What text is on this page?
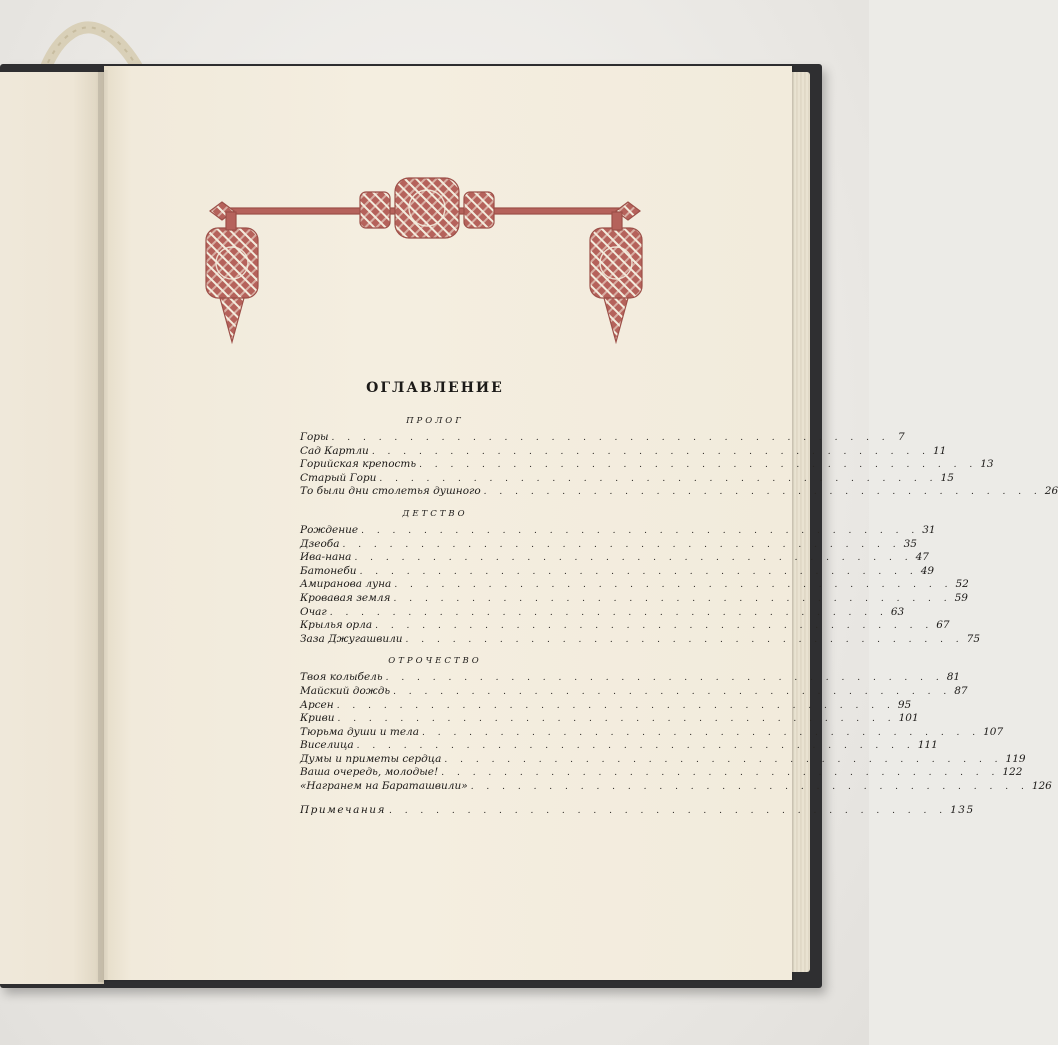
ОГЛАВЛЕНИЕ
ПРОЛОГ
Горы . . . . . . . . . . . . . . . . . . . . . . . . . . . . . . . . . . . . 7
Сад Картли . . . . . . . . . . . . . . . . . . . . . . . . . . . . . . . . . . . . 11
Горийская крепость . . . . . . . . . . . . . . . . . . . . . . . . . . . . . . . . . . . . 13
Старый Гори . . . . . . . . . . . . . . . . . . . . . . . . . . . . . . . . . . . . 15
То были дни столетья душного . . . . . . . . . . . . . . . . . . . . . . . . . . . . . . . . . . . . 26
ДЕТСТВО
Рождение . . . . . . . . . . . . . . . . . . . . . . . . . . . . . . . . . . . . 31
Дзеоба . . . . . . . . . . . . . . . . . . . . . . . . . . . . . . . . . . . . 35
Ива-нана . . . . . . . . . . . . . . . . . . . . . . . . . . . . . . . . . . . . 47
Батонеби . . . . . . . . . . . . . . . . . . . . . . . . . . . . . . . . . . . . 49
Амиранова луна . . . . . . . . . . . . . . . . . . . . . . . . . . . . . . . . . . . . 52
Кровавая земля . . . . . . . . . . . . . . . . . . . . . . . . . . . . . . . . . . . . 59
Очаг . . . . . . . . . . . . . . . . . . . . . . . . . . . . . . . . . . . . 63
Крылья орла . . . . . . . . . . . . . . . . . . . . . . . . . . . . . . . . . . . . 67
Заза Джугашвили . . . . . . . . . . . . . . . . . . . . . . . . . . . . . . . . . . . . 75
ОТРОЧЕСТВО
Твоя колыбель . . . . . . . . . . . . . . . . . . . . . . . . . . . . . . . . . . . . 81
Майский дождь . . . . . . . . . . . . . . . . . . . . . . . . . . . . . . . . . . . . 87
Арсен . . . . . . . . . . . . . . . . . . . . . . . . . . . . . . . . . . . . 95
Криви . . . . . . . . . . . . . . . . . . . . . . . . . . . . . . . . . . . . 101
Тюрьма души и тела . . . . . . . . . . . . . . . . . . . . . . . . . . . . . . . . . . . . 107
Виселица . . . . . . . . . . . . . . . . . . . . . . . . . . . . . . . . . . . . 111
Думы и приметы сердца . . . . . . . . . . . . . . . . . . . . . . . . . . . . . . . . . . . . 119
Ваша очередь, молодые! . . . . . . . . . . . . . . . . . . . . . . . . . . . . . . . . . . . . 122
«Награнем на Бараташвили» . . . . . . . . . . . . . . . . . . . . . . . . . . . . . . . . . . . . 126
Примечания . . . . . . . . . . . . . . . . . . . . . . . . . . . . . . . . . . . . 135
